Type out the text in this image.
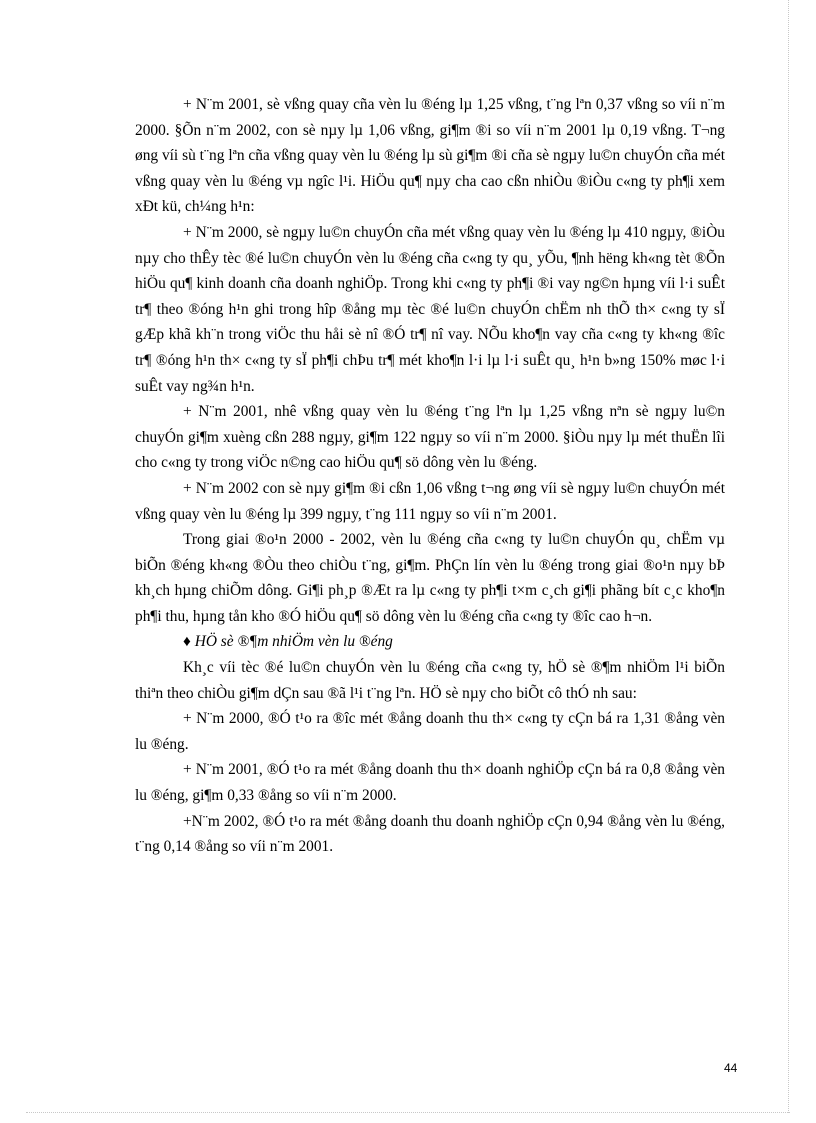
+ N¨m 2001, sè vßng quay cña vèn lu ®éng lµ 1,25 vßng, t¨ng lªn 0,37 vßng so víi n¨m 2000. §Õn n¨m 2002, con sè nµy lµ 1,06 vßng, gi¶m ®i so víi n¨m 2001 lµ 0,19 vßng. T¬ng øng víi sù t¨ng lªn cña vßng quay vèn lu ®éng lµ sù gi¶m ®i cña sè ngµy lu©n chuyÓn cña mét vßng quay vèn lu ®éng vµ ngîc l¹i. HiÖu qu¶ nµy cha cao cßn nhiÒu ®iÒu c«ng ty ph¶i xem xÐt kü, ch¼ng h¹n:

+ N¨m 2000, sè ngµy lu©n chuyÓn cña mét vßng quay vèn lu ®éng lµ 410 ngµy, ®iÒu nµy cho thÊy tèc ®é lu©n chuyÓn vèn lu ®éng cña c«ng ty qu¸ yÕu, ¶nh hëng kh«ng tèt ®Õn hiÖu qu¶ kinh doanh cña doanh nghiÖp. Trong khi c«ng ty ph¶i ®i vay ng©n hµng víi l·i suÊt tr¶ theo ®óng h¹n ghi trong hîp ®ång mµ tèc ®é lu©n chuyÓn chËm nh thÕ th× c«ng ty sÏ gÆp khã kh¨n trong viÖc thu håi sè nî ®Ó tr¶ nî vay. NÕu kho¶n vay cña c«ng ty kh«ng ®îc tr¶ ®óng h¹n th× c«ng ty sÏ ph¶i chÞu tr¶ mét kho¶n l·i lµ l·i suÊt qu¸ h¹n b»ng 150% møc l·i suÊt vay ng¾n h¹n.

+ N¨m 2001, nhê vßng quay vèn lu ®éng t¨ng lªn lµ 1,25 vßng nªn sè ngµy lu©n chuyÓn gi¶m xuèng cßn 288 ngµy, gi¶m 122 ngµy so víi n¨m 2000. §iÒu nµy lµ mét thuËn lîi cho c«ng ty trong viÖc n©ng cao hiÖu qu¶ sö dông vèn lu ®éng.

+ N¨m 2002 con sè nµy gi¶m ®i cßn 1,06 vßng t¬ng øng víi sè ngµy lu©n chuyÓn mét vßng quay vèn lu ®éng lµ 399 ngµy, t¨ng 111 ngµy so víi n¨m 2001.

Trong giai ®o¹n 2000 - 2002, vèn lu ®éng cña c«ng ty lu©n chuyÓn qu¸ chËm vµ biÕn ®éng kh«ng ®Òu theo chiÒu t¨ng, gi¶m. PhÇn lín vèn lu ®éng trong giai ®o¹n nµy bÞ kh¸ch hµng chiÕm dông. Gi¶i ph¸p ®Æt ra lµ c«ng ty ph¶i t×m c¸ch gi¶i phãng bít c¸c kho¶n ph¶i thu, hµng tån kho ®Ó hiÖu qu¶ sö dông vèn lu ®éng cña c«ng ty ®îc cao h¬n.

♦ HÖ sè ®¶m nhiÖm vèn lu ®éng

Kh¸c víi tèc ®é lu©n chuyÓn vèn lu ®éng cña c«ng ty, hÖ sè ®¶m nhiÖm l¹i biÕn thiªn theo chiÒu gi¶m dÇn sau ®ã l¹i t¨ng lªn. HÖ sè nµy cho biÕt cô thÓ nh sau:

+ N¨m 2000, ®Ó t¹o ra ®îc mét ®ång doanh thu th× c«ng ty cÇn bá ra 1,31 ®ång vèn lu ®éng.

+ N¨m 2001, ®Ó t¹o ra mét ®ång doanh thu th× doanh nghiÖp cÇn bá ra 0,8 ®ång vèn lu ®éng, gi¶m 0,33 ®ång so víi n¨m 2000.

+N¨m 2002, ®Ó t¹o ra mét ®ång doanh thu doanh nghiÖp cÇn 0,94 ®ång vèn lu ®éng, t¨ng 0,14 ®ång so víi n¨m 2001.

44
